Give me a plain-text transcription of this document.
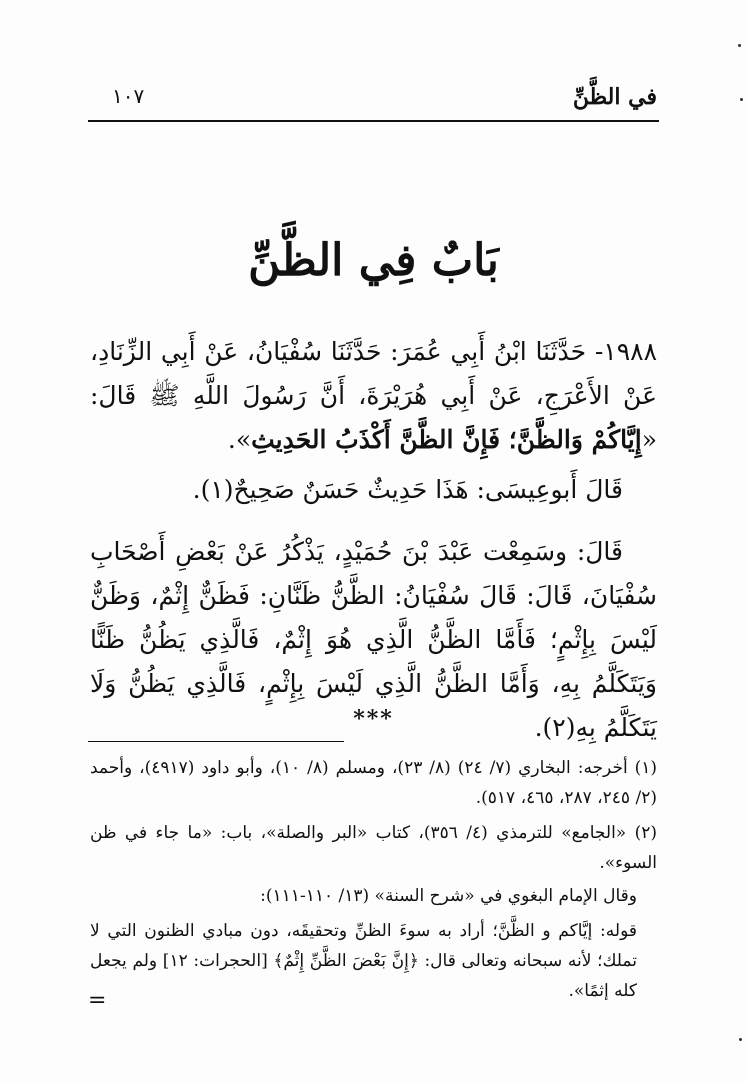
في الظَّنِّ
١٠٧
بَابٌ فِي الظَّنِّ
١٩٨٨- حَدَّثَنَا ابْنُ أَبِي عُمَرَ: حَدَّثَنَا سُفْيَانُ، عَنْ أَبِي الزِّنَادِ، عَنْ الأَعْرَجِ، عَنْ أَبِي هُرَيْرَةَ، أَنَّ رَسُولَ اللَّهِ ﷺ قَالَ: «إِيَّاكُمْ وَالظَّنَّ؛ فَإِنَّ الظَّنَّ أَكْذَبُ الحَدِيثِ».
قَالَ أَبوعِيسَى: هَذَا حَدِيثٌ حَسَنٌ صَحِيحٌ(١).
قَالَ: وسَمِعْت عَبْدَ بْنَ حُمَيْدٍ، يَذْكُرُ عَنْ بَعْضِ أَصْحَابِ سُفْيَانَ، قَالَ: قَالَ سُفْيَانُ: الظَّنُّ ظَنَّانِ: فَظَنٌّ إِثْمٌ، وَظَنٌّ لَيْسَ بِإِثْمٍ؛ فَأَمَّا الظَّنُّ الَّذِي هُوَ إِثْمٌ، فَالَّذِي يَظُنُّ ظَنًّا وَيَتَكَلَّمُ بِهِ، وَأَمَّا الظَّنُّ الَّذِي لَيْسَ بِإِثْمٍ، فَالَّذِي يَظُنُّ وَلَا يَتَكَلَّمُ بِهِ(٢).
***
(١) أخرجه: البخاري (٧/ ٢٤) (٨/ ٢٣)، ومسلم (٨/ ١٠)، وأبو داود (٤٩١٧)، وأحمد (٢/ ٢٤٥، ٢٨٧، ٤٦٥، ٥١٧).
(٢) «الجامع» للترمذي (٤/ ٣٥٦)، كتاب «البر والصلة»، باب: «ما جاء في ظن السوء».
وقال الإمام البغوي في «شرح السنة» (١٣/ ١١٠-١١١):
قوله: إيَّاكم و الظَّنَّ؛ أراد به سوءَ الظنِّ وتحقيقَه، دون مبادي الظنون التي لا تملك؛ لأنه سبحانه وتعالى قال: ﴿إِنَّ بَعْضَ الظَّنِّ إِثْمٌ﴾ [الحجرات: ١٢] ولم يجعل كله إثمًا».
=
